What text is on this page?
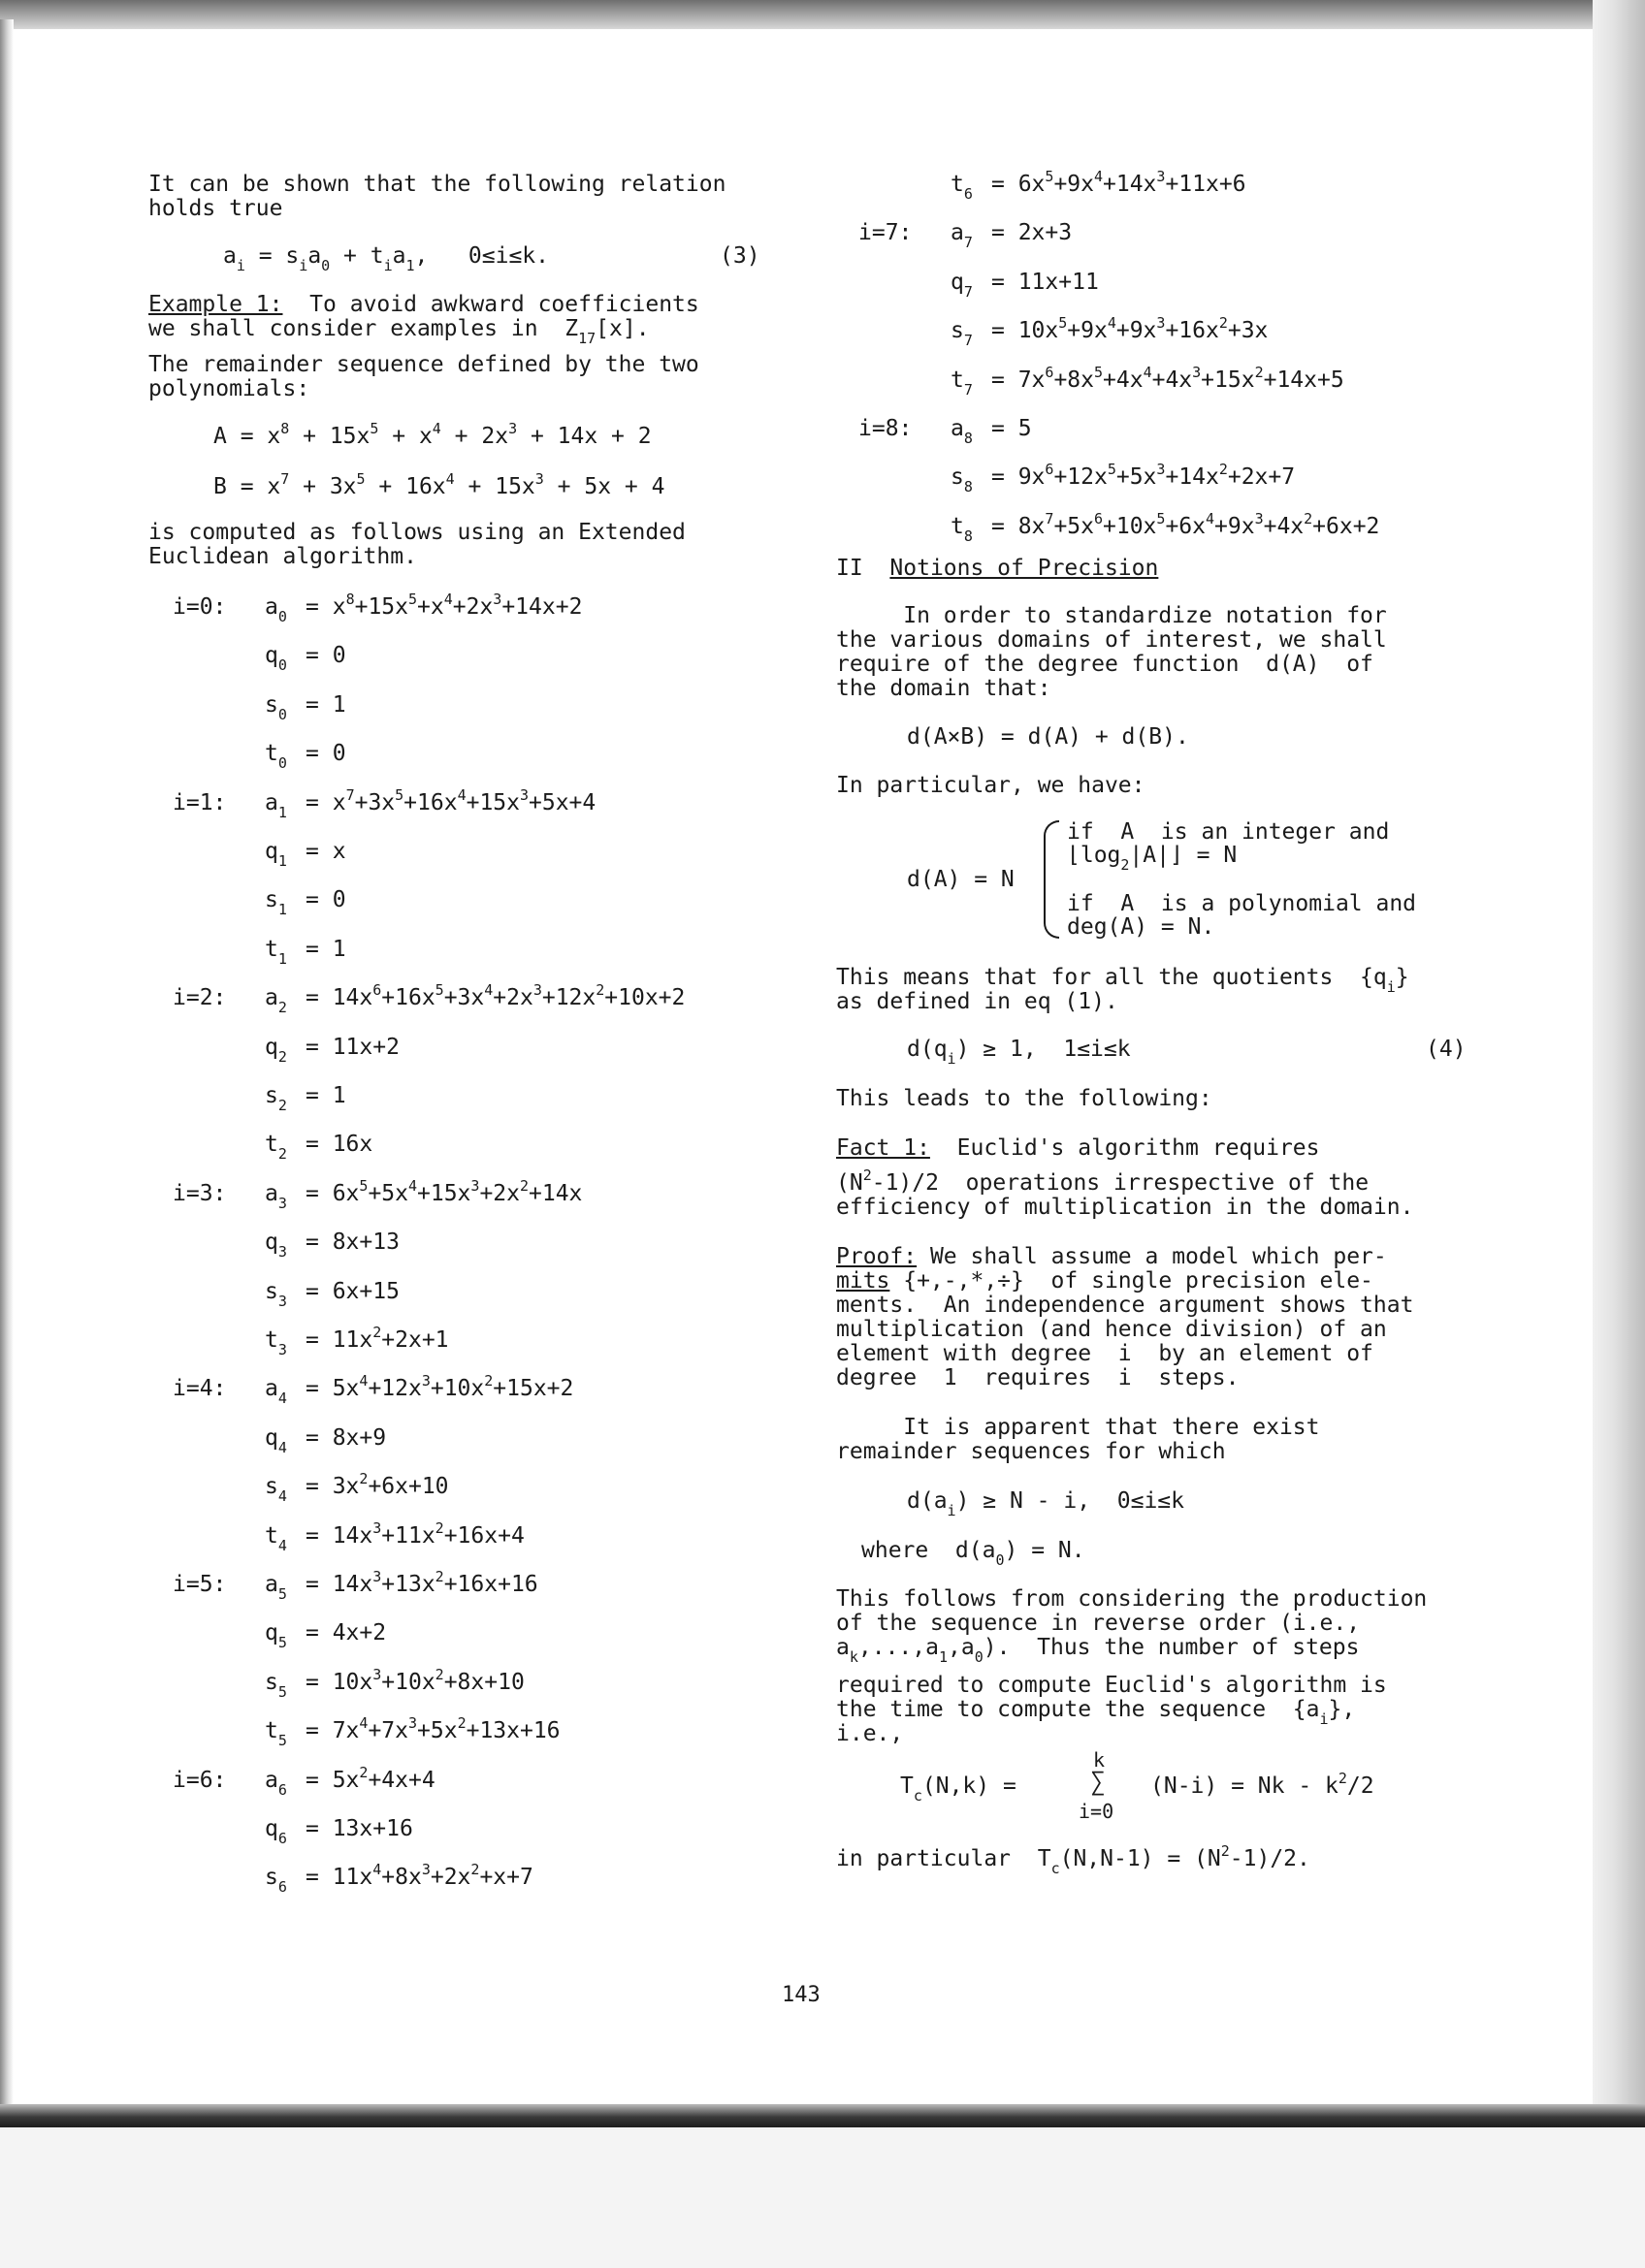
It can be shown that the following relation
holds true
$a_i = s_ia_0 + t_ia_1$,   0≤i≤k.	(3)
Example 1:  To avoid awkward coefficients
we shall consider examples in  $Z_{17}[x]$.
The remainder sequence defined by the two
polynomials:
$A = x^8 + 15x^5 + x^4 + 2x^3 + 14x + 2$
$B = x^7 + 3x^5 + 16x^4 + 15x^3 + 5x + 4$
is computed as follows using an Extended
Euclidean algorithm.
i=0: $a_0 = x^8+15x^5+x^4+2x^3+14x+2$
$q_0 = 0$
$s_0 = 1$
$t_0 = 0$
i=1: $a_1 = x^7+3x^5+16x^4+15x^3+5x+4$
$q_1 = x$
$s_1 = 0$
$t_1 = 1$
i=2: $a_2 = 14x^6+16x^5+3x^4+2x^3+12x^2+10x+2$
$q_2 = 11x+2$
$s_2 = 1$
$t_2 = 16x$
i=3: $a_3 = 6x^5+5x^4+15x^3+2x^2+14x$
$q_3 = 8x+13$
$s_3 = 6x+15$
$t_3 = 11x^2+2x+1$
i=4: $a_4 = 5x^4+12x^3+10x^2+15x+2$
$q_4 = 8x+9$
$s_4 = 3x^2+6x+10$
$t_4 = 14x^3+11x^2+16x+4$
i=5: $a_5 = 14x^3+13x^2+16x+16$
$q_5 = 4x+2$
$s_5 = 10x^3+10x^2+8x+10$
$t_5 = 7x^4+7x^3+5x^2+13x+16$
i=6: $a_6 = 5x^2+4x+4$
$q_6 = 13x+16$
$s_6 = 11x^4+8x^3+2x^2+x+7$
$t_6 = 6x^5+9x^4+14x^3+11x+6$
i=7: $a_7 = 2x+3$
$q_7 = 11x+11$
$s_7 = 10x^5+9x^4+9x^3+16x^2+3x$
$t_7 = 7x^6+8x^5+4x^4+4x^3+15x^2+14x+5$
i=8: $a_8 = 5$
$s_8 = 9x^6+12x^5+5x^3+14x^2+2x+7$
$t_8 = 8x^7+5x^6+10x^5+6x^4+9x^3+4x^2+6x+2$
II Notions of Precision
In order to standardize notation for
the various domains of interest, we shall
require of the degree function  d(A)  of
the domain that:
d(A×B) = d(A) + d(B).
In particular, we have:
d(A) = N
if  A  is an integer and
$⌊\log_2|A|⌋ = N$
if  A  is a polynomial and
deg(A) = N.
This means that for all the quotients  $\{q_i\}$
as defined in eq (1).
$d(q_i) \ge 1$,  1≤i≤k	(4)
This leads to the following:
Fact 1:  Euclid's algorithm requires
$(N^2-1)/2$  operations irrespective of the
efficiency of multiplication in the domain.
Proof: We shall assume a model which per-
mits {+,-,*,÷}  of single precision ele-
ments.  An independence argument shows that
multiplication (and hence division) of an
element with degree  i  by an element of
degree  1  requires  i  steps.
It is apparent that there exist
remainder sequences for which
$d(a_i) \ge N - i$,  0≤i≤k
where  $d(a_0) = N$.
This follows from considering the production
of the sequence in reverse order (i.e.,
$a_k,...,a_1,a_0$).  Thus the number of steps
required to compute Euclid's algorithm is
the time to compute the sequence  $\{a_i\}$,
i.e.,
$T_c(N,k)$ =
k
∑
i=0
$(N-i) = Nk - k^2/2$
in particular  $T_c(N,N-1) = (N^2-1)/2$.
143
